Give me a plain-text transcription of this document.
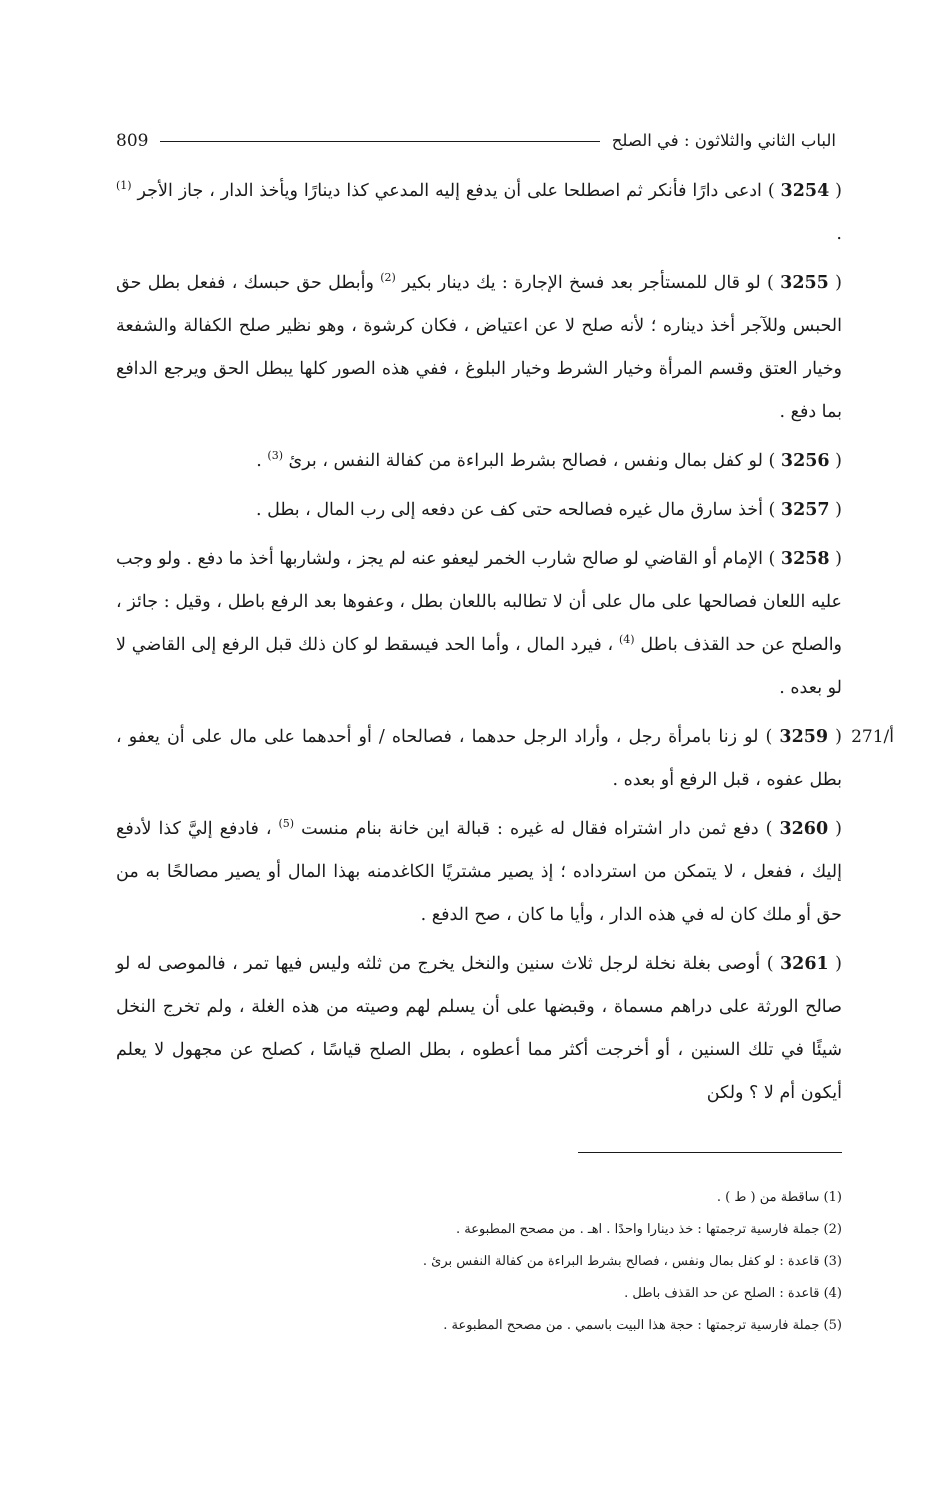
الباب الثاني والثلاثون : في الصلح
809

( 3254 ) ادعى دارًا فأنكر ثم اصطلحا على أن يدفع إليه المدعي كذا دينارًا ويأخذ الدار ، جاز الأجر $^{(1)}$ .

( 3255 ) لو قال للمستأجر بعد فسخ الإجارة : يك دينار بكير $^{(2)}$ وأبطل حق حبسك ، ففعل بطل حق الحبس وللآجر أخذ ديناره ؛ لأنه صلح لا عن اعتياض ، فكان كرشوة ، وهو نظير صلح الكفالة والشفعة وخيار العتق وقسم المرأة وخيار الشرط وخيار البلوغ ، ففي هذه الصور كلها يبطل الحق ويرجع الدافع بما دفع .

( 3256 ) لو كفل بمال ونفس ، فصالح بشرط البراءة من كفالة النفس ، برئ $^{(3)}$ .

( 3257 ) أخذ سارق مال غيره فصالحه حتى كف عن دفعه إلى رب المال ، بطل .

( 3258 ) الإمام أو القاضي لو صالح شارب الخمر ليعفو عنه لم يجز ، ولشاربها أخذ ما دفع . ولو وجب عليه اللعان فصالحها على مال على أن لا تطالبه باللعان بطل ، وعفوها بعد الرفع باطل ، وقيل : جائز ، والصلح عن حد القذف باطل $^{(4)}$ ، فيرد المال ، وأما الحد فيسقط لو كان ذلك قبل الرفع إلى القاضي لا لو بعده .

271/أ
( 3259 ) لو زنا بامرأة رجل ، وأراد الرجل حدهما ، فصالحاه / أو أحدهما على مال على أن يعفو ، بطل عفوه ، قبل الرفع أو بعده .

( 3260 ) دفع ثمن دار اشتراه فقال له غيره : قبالة اين خانة بنام منست $^{(5)}$ ، فادفع إليَّ كذا لأدفع إليك ، ففعل ، لا يتمكن من استرداده ؛ إذ يصير مشتريًا الكاغدمنه بهذا المال أو يصير مصالحًا به من حق أو ملك كان له في هذه الدار ، وأيا ما كان ، صح الدفع .

( 3261 ) أوصى بغلة نخلة لرجل ثلاث سنين والنخل يخرج من ثلثه وليس فيها تمر ، فالموصى له لو صالح الورثة على دراهم مسماة ، وقبضها على أن يسلم لهم وصيته من هذه الغلة ، ولم تخرج النخل شيئًا في تلك السنين ، أو أخرجت أكثر مما أعطوه ، بطل الصلح قياسًا ، كصلح عن مجهول لا يعلم أيكون أم لا ؟ ولكن

(1) ساقطة من ( ط ) .

(2) جملة فارسية ترجمتها : خذ دينارا واحدًا . اهـ . من مصحح المطبوعة .

(3) قاعدة : لو كفل بمال ونفس ، فصالح بشرط البراءة من كفالة النفس برئ .

(4) قاعدة : الصلح عن حد القذف باطل .

(5) جملة فارسية ترجمتها : حجة هذا البيت باسمي . من مصحح المطبوعة .
